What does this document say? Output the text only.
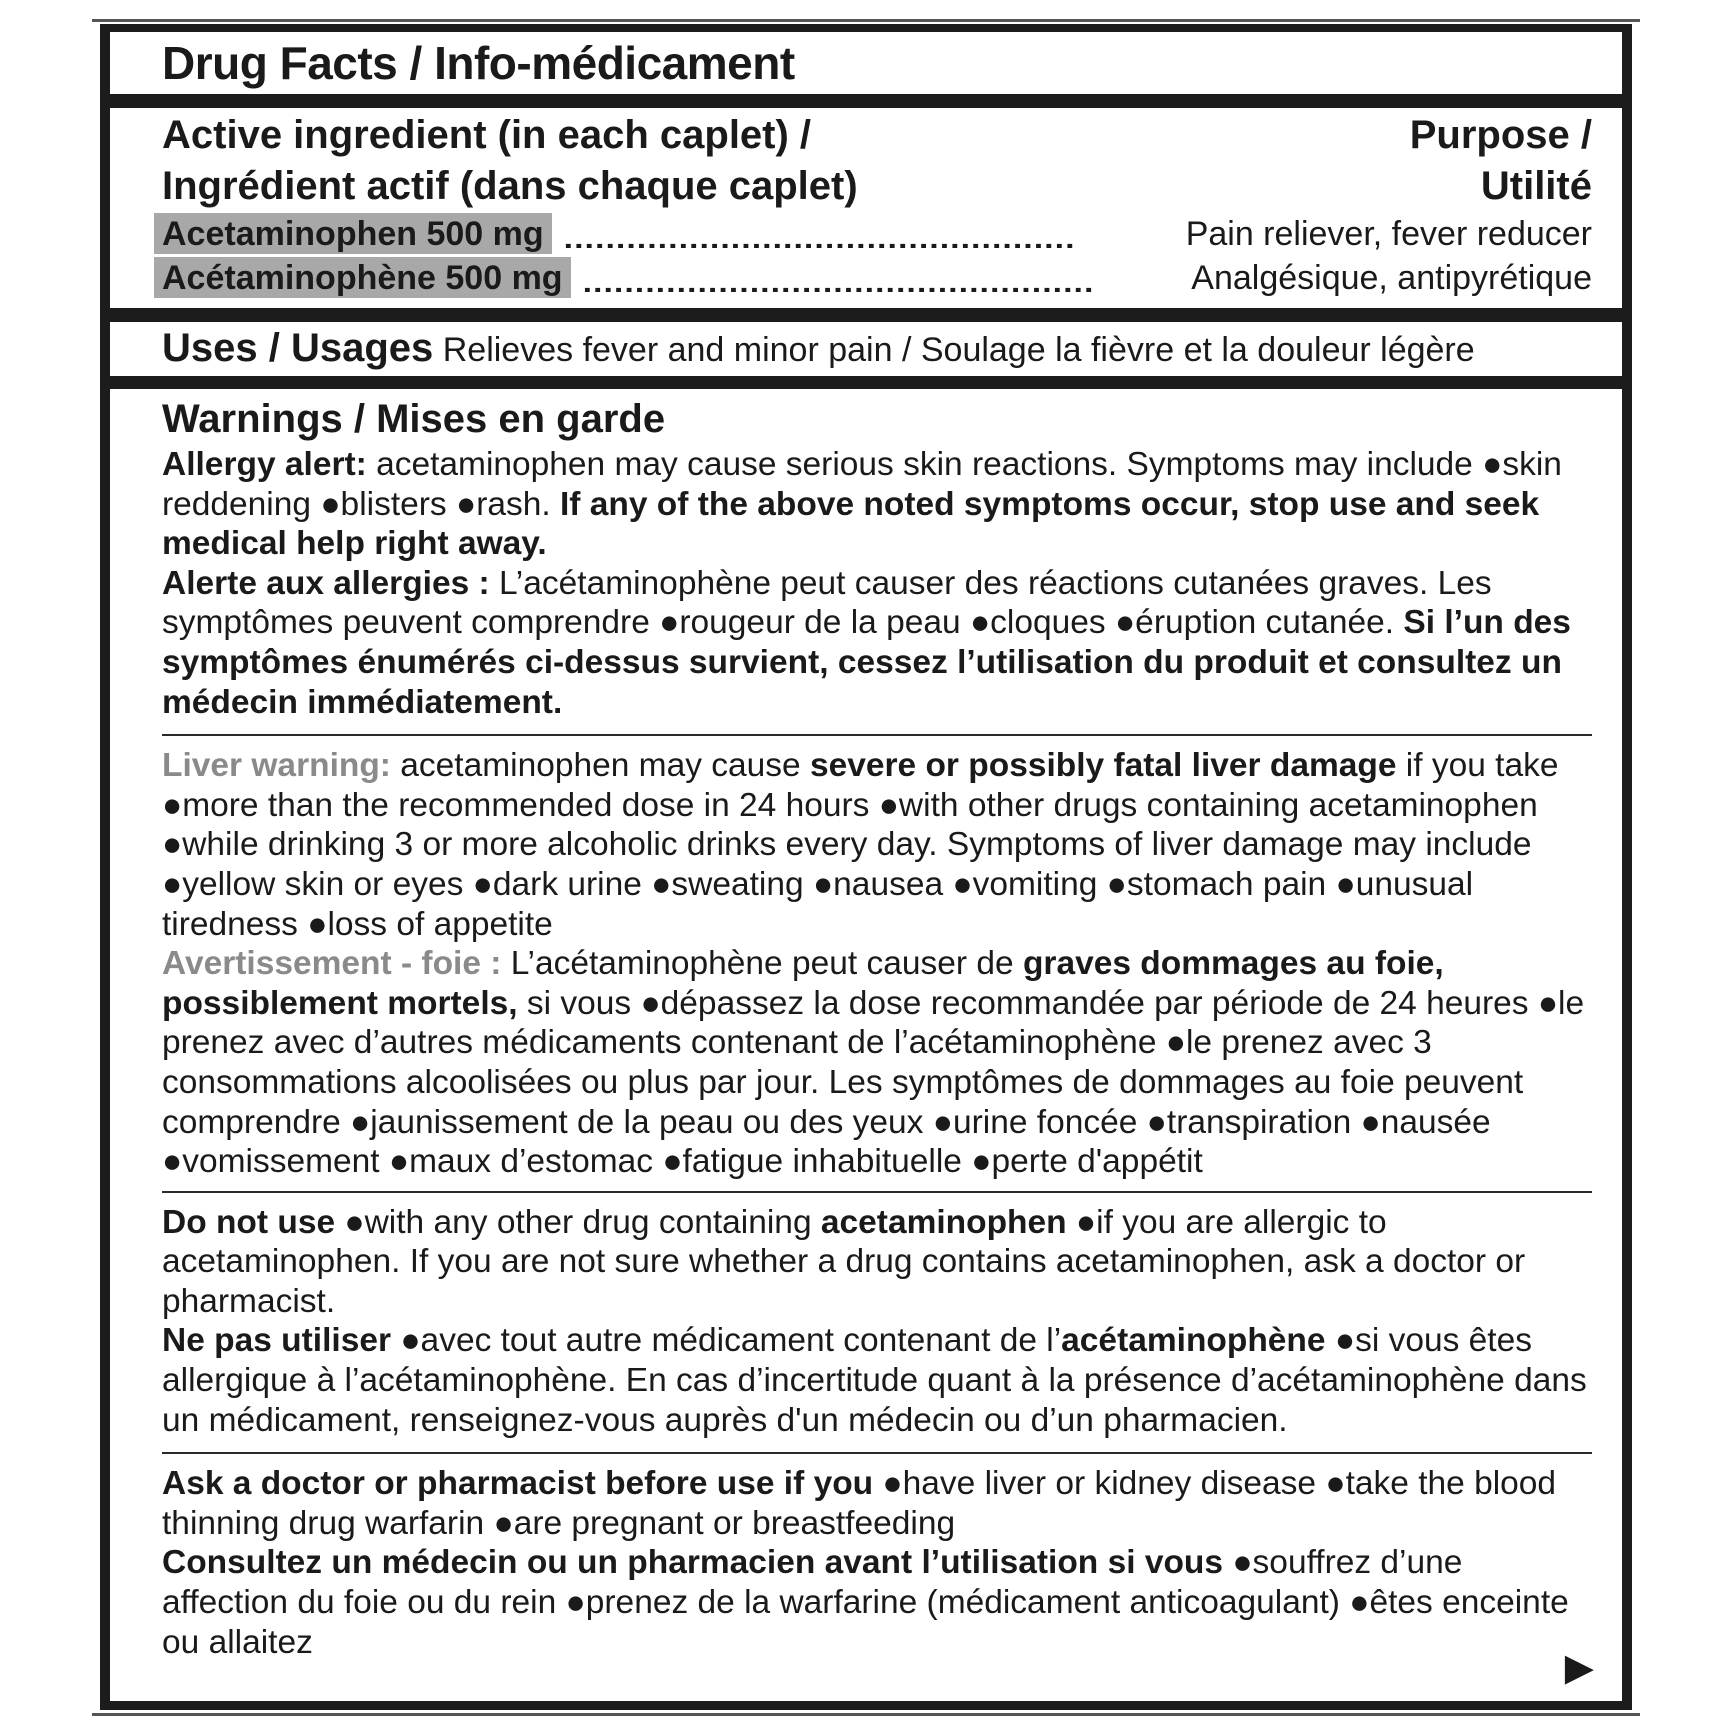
Drug Facts / Info-médicament
Active ingredient (in each caplet) /
Ingrédient actif (dans chaque caplet)
Purpose /
Utilité
Acetaminophen 500 mg .................................................	Pain reliever, fever reducer
Acétaminophène 500 mg .................................................	Analgésique, antipyrétique
Uses / Usages Relieves fever and minor pain / Soulage la fièvre et la douleur légère
Warnings / Mises en garde
Allergy alert: acetaminophen may cause serious skin reactions. Symptoms may include ●skin reddening ●blisters ●rash. If any of the above noted symptoms occur, stop use and seek medical help right away.
Alerte aux allergies : L’acétaminophène peut causer des réactions cutanées graves. Les symptômes peuvent comprendre ●rougeur de la peau ●cloques ●éruption cutanée. Si l’un des symptômes énumérés ci-dessus survient, cessez l’utilisation du produit et consultez un médecin immédiatement.
Liver warning: acetaminophen may cause severe or possibly fatal liver damage if you take ●more than the recommended dose in 24 hours ●with other drugs containing acetaminophen ●while drinking 3 or more alcoholic drinks every day. Symptoms of liver damage may include ●yellow skin or eyes ●dark urine ●sweating ●nausea ●vomiting ●stomach pain ●unusual tiredness ●loss of appetite
Avertissement - foie : L’acétaminophène peut causer de graves dommages au foie, possiblement mortels, si vous ●dépassez la dose recommandée par période de 24 heures ●le prenez avec d’autres médicaments contenant de l’acétaminophène ●le prenez avec 3 consommations alcoolisées ou plus par jour. Les symptômes de dommages au foie peuvent comprendre ●jaunissement de la peau ou des yeux ●urine foncée ●transpiration ●nausée ●vomissement ●maux d’estomac ●fatigue inhabituelle ●perte d'appétit
Do not use ●with any other drug containing acetaminophen ●if you are allergic to acetaminophen. If you are not sure whether a drug contains acetaminophen, ask a doctor or pharmacist.
Ne pas utiliser ●avec tout autre médicament contenant de l’acétaminophène ●si vous êtes allergique à l’acétaminophène. En cas d’incertitude quant à la présence d’acétaminophène dans un médicament, renseignez-vous auprès d'un médecin ou d’un pharmacien.
Ask a doctor or pharmacist before use if you ●have liver or kidney disease ●take the blood thinning drug warfarin ●are pregnant or breastfeeding
Consultez un médecin ou un pharmacien avant l’utilisation si vous ●souffrez d’une affection du foie ou du rein ●prenez de la warfarine (médicament anticoagulant) ●êtes enceinte ou allaitez
▶
